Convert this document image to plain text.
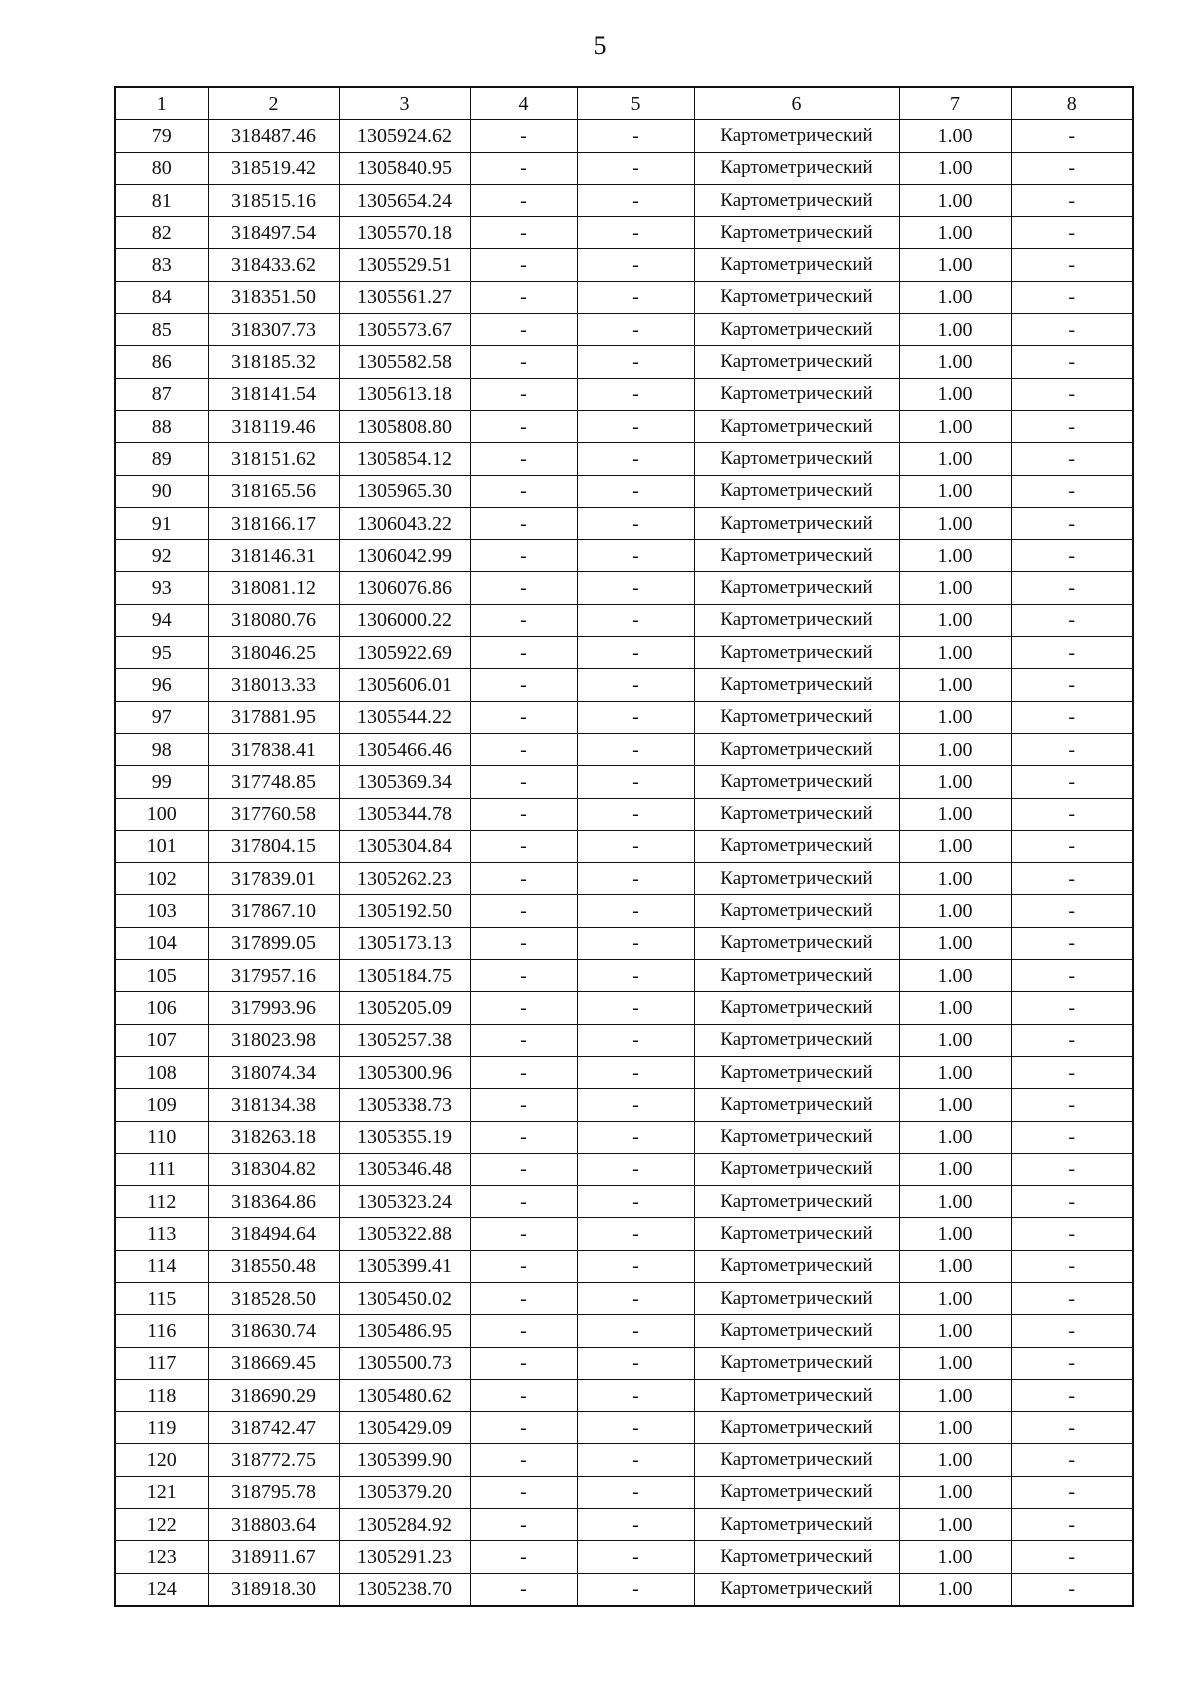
5
1	2	3	4	5	6	7	8
79	318487.46	1305924.62	-	-	Картометрический	1.00	-
80	318519.42	1305840.95	-	-	Картометрический	1.00	-
81	318515.16	1305654.24	-	-	Картометрический	1.00	-
82	318497.54	1305570.18	-	-	Картометрический	1.00	-
83	318433.62	1305529.51	-	-	Картометрический	1.00	-
84	318351.50	1305561.27	-	-	Картометрический	1.00	-
85	318307.73	1305573.67	-	-	Картометрический	1.00	-
86	318185.32	1305582.58	-	-	Картометрический	1.00	-
87	318141.54	1305613.18	-	-	Картометрический	1.00	-
88	318119.46	1305808.80	-	-	Картометрический	1.00	-
89	318151.62	1305854.12	-	-	Картометрический	1.00	-
90	318165.56	1305965.30	-	-	Картометрический	1.00	-
91	318166.17	1306043.22	-	-	Картометрический	1.00	-
92	318146.31	1306042.99	-	-	Картометрический	1.00	-
93	318081.12	1306076.86	-	-	Картометрический	1.00	-
94	318080.76	1306000.22	-	-	Картометрический	1.00	-
95	318046.25	1305922.69	-	-	Картометрический	1.00	-
96	318013.33	1305606.01	-	-	Картометрический	1.00	-
97	317881.95	1305544.22	-	-	Картометрический	1.00	-
98	317838.41	1305466.46	-	-	Картометрический	1.00	-
99	317748.85	1305369.34	-	-	Картометрический	1.00	-
100	317760.58	1305344.78	-	-	Картометрический	1.00	-
101	317804.15	1305304.84	-	-	Картометрический	1.00	-
102	317839.01	1305262.23	-	-	Картометрический	1.00	-
103	317867.10	1305192.50	-	-	Картометрический	1.00	-
104	317899.05	1305173.13	-	-	Картометрический	1.00	-
105	317957.16	1305184.75	-	-	Картометрический	1.00	-
106	317993.96	1305205.09	-	-	Картометрический	1.00	-
107	318023.98	1305257.38	-	-	Картометрический	1.00	-
108	318074.34	1305300.96	-	-	Картометрический	1.00	-
109	318134.38	1305338.73	-	-	Картометрический	1.00	-
110	318263.18	1305355.19	-	-	Картометрический	1.00	-
111	318304.82	1305346.48	-	-	Картометрический	1.00	-
112	318364.86	1305323.24	-	-	Картометрический	1.00	-
113	318494.64	1305322.88	-	-	Картометрический	1.00	-
114	318550.48	1305399.41	-	-	Картометрический	1.00	-
115	318528.50	1305450.02	-	-	Картометрический	1.00	-
116	318630.74	1305486.95	-	-	Картометрический	1.00	-
117	318669.45	1305500.73	-	-	Картометрический	1.00	-
118	318690.29	1305480.62	-	-	Картометрический	1.00	-
119	318742.47	1305429.09	-	-	Картометрический	1.00	-
120	318772.75	1305399.90	-	-	Картометрический	1.00	-
121	318795.78	1305379.20	-	-	Картометрический	1.00	-
122	318803.64	1305284.92	-	-	Картометрический	1.00	-
123	318911.67	1305291.23	-	-	Картометрический	1.00	-
124	318918.30	1305238.70	-	-	Картометрический	1.00	-
